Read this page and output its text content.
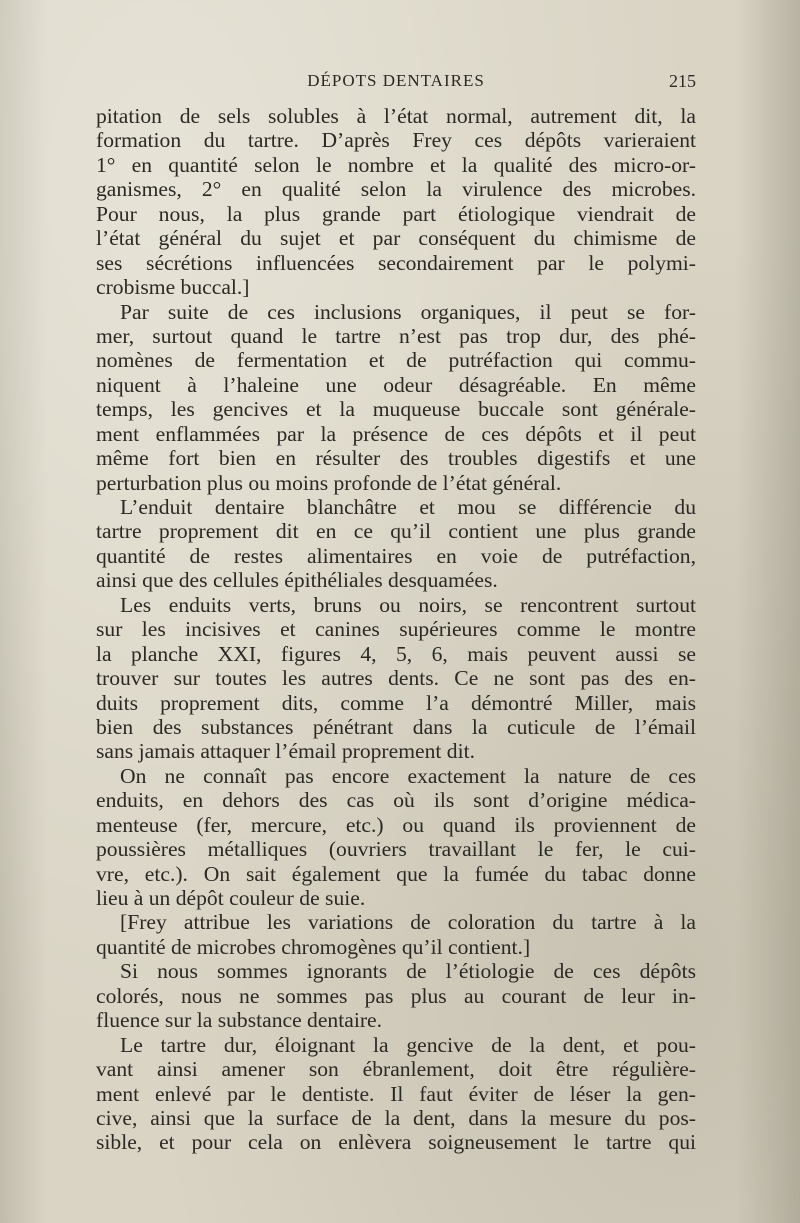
DÉPOTS DENTAIRES	215
pitation de sels solubles à l’état normal, autrement dit, la
formation du tartre. D’après Frey ces dépôts varieraient
1° en quantité selon le nombre et la qualité des micro-or-
ganismes, 2° en qualité selon la virulence des microbes.
Pour nous, la plus grande part étiologique viendrait de
l’état général du sujet et par conséquent du chimisme de
ses sécrétions influencées secondairement par le polymi-
crobisme buccal.]
Par suite de ces inclusions organiques, il peut se for-
mer, surtout quand le tartre n’est pas trop dur, des phé-
nomènes de fermentation et de putréfaction qui commu-
niquent à l’haleine une odeur désagréable. En même
temps, les gencives et la muqueuse buccale sont générale-
ment enflammées par la présence de ces dépôts et il peut
même fort bien en résulter des troubles digestifs et une
perturbation plus ou moins profonde de l’état général.
L’enduit dentaire blanchâtre et mou se différencie du
tartre proprement dit en ce qu’il contient une plus grande
quantité de restes alimentaires en voie de putréfaction,
ainsi que des cellules épithéliales desquamées.
Les enduits verts, bruns ou noirs, se rencontrent surtout
sur les incisives et canines supérieures comme le montre
la planche XXI, figures 4, 5, 6, mais peuvent aussi se
trouver sur toutes les autres dents. Ce ne sont pas des en-
duits proprement dits, comme l’a démontré Miller, mais
bien des substances pénétrant dans la cuticule de l’émail
sans jamais attaquer l’émail proprement dit.
On ne connaît pas encore exactement la nature de ces
enduits, en dehors des cas où ils sont d’origine médica-
menteuse (fer, mercure, etc.) ou quand ils proviennent de
poussières métalliques (ouvriers travaillant le fer, le cui-
vre, etc.). On sait également que la fumée du tabac donne
lieu à un dépôt couleur de suie.
[Frey attribue les variations de coloration du tartre à la
quantité de microbes chromogènes qu’il contient.]
Si nous sommes ignorants de l’étiologie de ces dépôts
colorés, nous ne sommes pas plus au courant de leur in-
fluence sur la substance dentaire.
Le tartre dur, éloignant la gencive de la dent, et pou-
vant ainsi amener son ébranlement, doit être régulière-
ment enlevé par le dentiste. Il faut éviter de léser la gen-
cive, ainsi que la surface de la dent, dans la mesure du pos-
sible, et pour cela on enlèvera soigneusement le tartre qui
